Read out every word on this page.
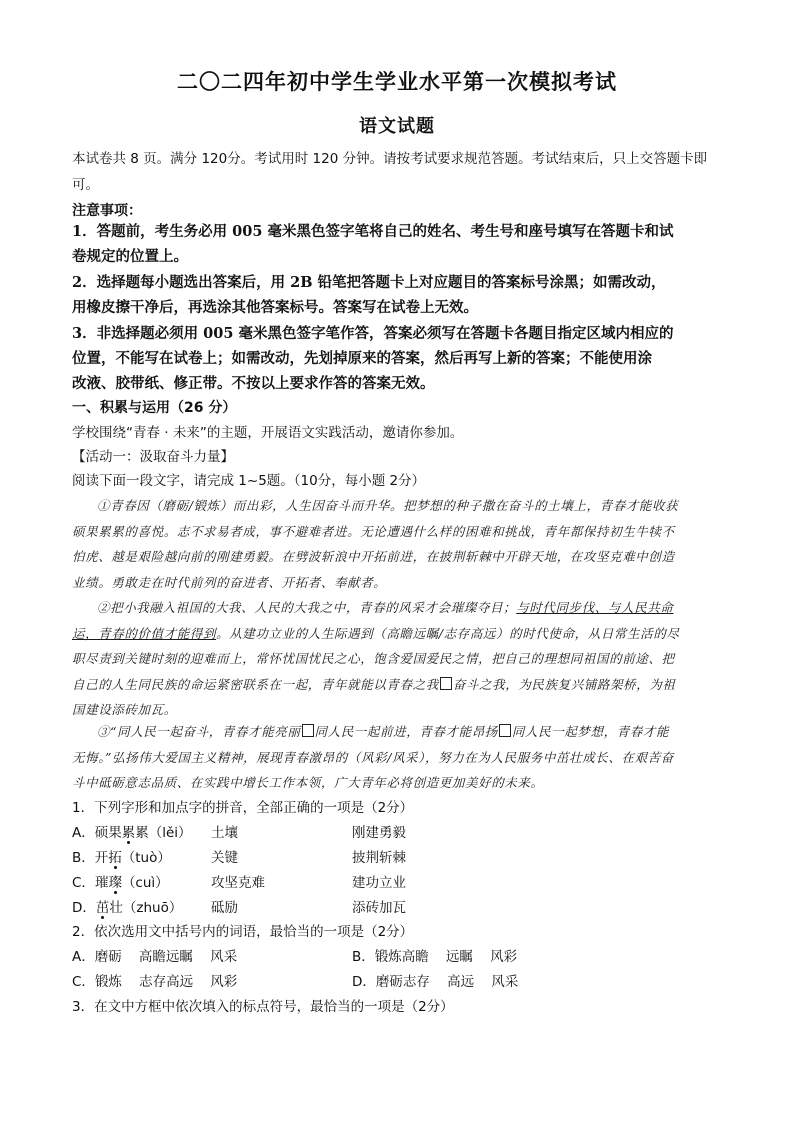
二〇二四年初中学生学业水平第一次模拟考试
语文试题
本试卷共 8 页。满分 120分。考试用时 120 分钟。请按考试要求规范答题。考试结束后，只上交答题卡即
可。
注意事项：
1．答题前，考生务必用 005 毫米黑色签字笔将自己的姓名、考生号和座号填写在答题卡和试
卷规定的位置上。
2．选择题每小题选出答案后，用 2B 铅笔把答题卡上对应题目的答案标号涂黑；如需改动，
用橡皮擦干净后，再选涂其他答案标号。答案写在试卷上无效。
3．非选择题必须用 005 毫米黑色签字笔作答，答案必须写在答题卡各题目指定区域内相应的
位置，不能写在试卷上；如需改动，先划掉原来的答案，然后再写上新的答案；不能使用涂
改液、胶带纸、修正带。不按以上要求作答的答案无效。
一、积累与运用（26 分）
学校围绕“青春 · 未来”的主题，开展语文实践活动，邀请你参加。
【活动一：汲取奋斗力量】
阅读下面一段文字，请完成 1~5题。（10分，每小题 2分）
①青春因（磨砺/锻炼）而出彩，人生因奋斗而升华。把梦想的种子撒在奋斗的土壤上，青春才能收获
硕果累累的喜悦。志不求易者成，事不避难者进。无论遭遇什么样的困难和挑战，青年都保持初生牛犊不
怕虎、越是艰险越向前的刚建勇毅。在劈波斩浪中开拓前进，在披荆斩棘中开辟天地，在攻坚克难中创造
业绩。勇敢走在时代前列的奋进者、开拓者、奉献者。
②把小我融入祖国的大我、人民的大我之中，青春的风采才会璀璨夺目；与时代同步伐、与人民共命
运，青春的价值才能得到。从建功立业的人生际遇到（高瞻远瞩/志存高远）的时代使命，从日常生活的尽
职尽责到关键时刻的迎难而上，常怀忧国忧民之心，饱含爱国爱民之情，把自己的理想同祖国的前途、把
自己的人生同民族的命运紧密联系在一起，青年就能以青春之我 奋斗之我，为民族复兴铺路架桥，为祖
国建设添砖加瓦。
③“同人民一起奋斗，青春才能亮丽 同人民一起前进，青春才能昂扬 同人民一起梦想，青春才能
无悔。”弘扬伟大爱国主义精神，展现青春激昂的（风彩/风采），努力在为人民服务中茁壮成长、在艰苦奋
斗中砥砺意志品质、在实践中增长工作本领，广大青年必将创造更加美好的未来。
1．下列字形和加点字的拼音，全部正确的一项是（2分）
A．硕果累累（lěi） 土壤	刚建勇毅
B．开拓（tuò）	关键	披荆斩棘
C．璀璨（cuì）	攻坚克难	建功立业
D．茁壮（zhuō） 砥励	添砖加瓦
2．依次选用文中括号内的词语，最恰当的一项是（2分）
A．磨砺    高瞻远瞩    风采	B．锻炼高瞻    远瞩    风彩
C．锻炼    志存高远    风彩	D．磨砺志存    高远    风采
3．在文中方框中依次填入的标点符号，最恰当的一项是（2分）
